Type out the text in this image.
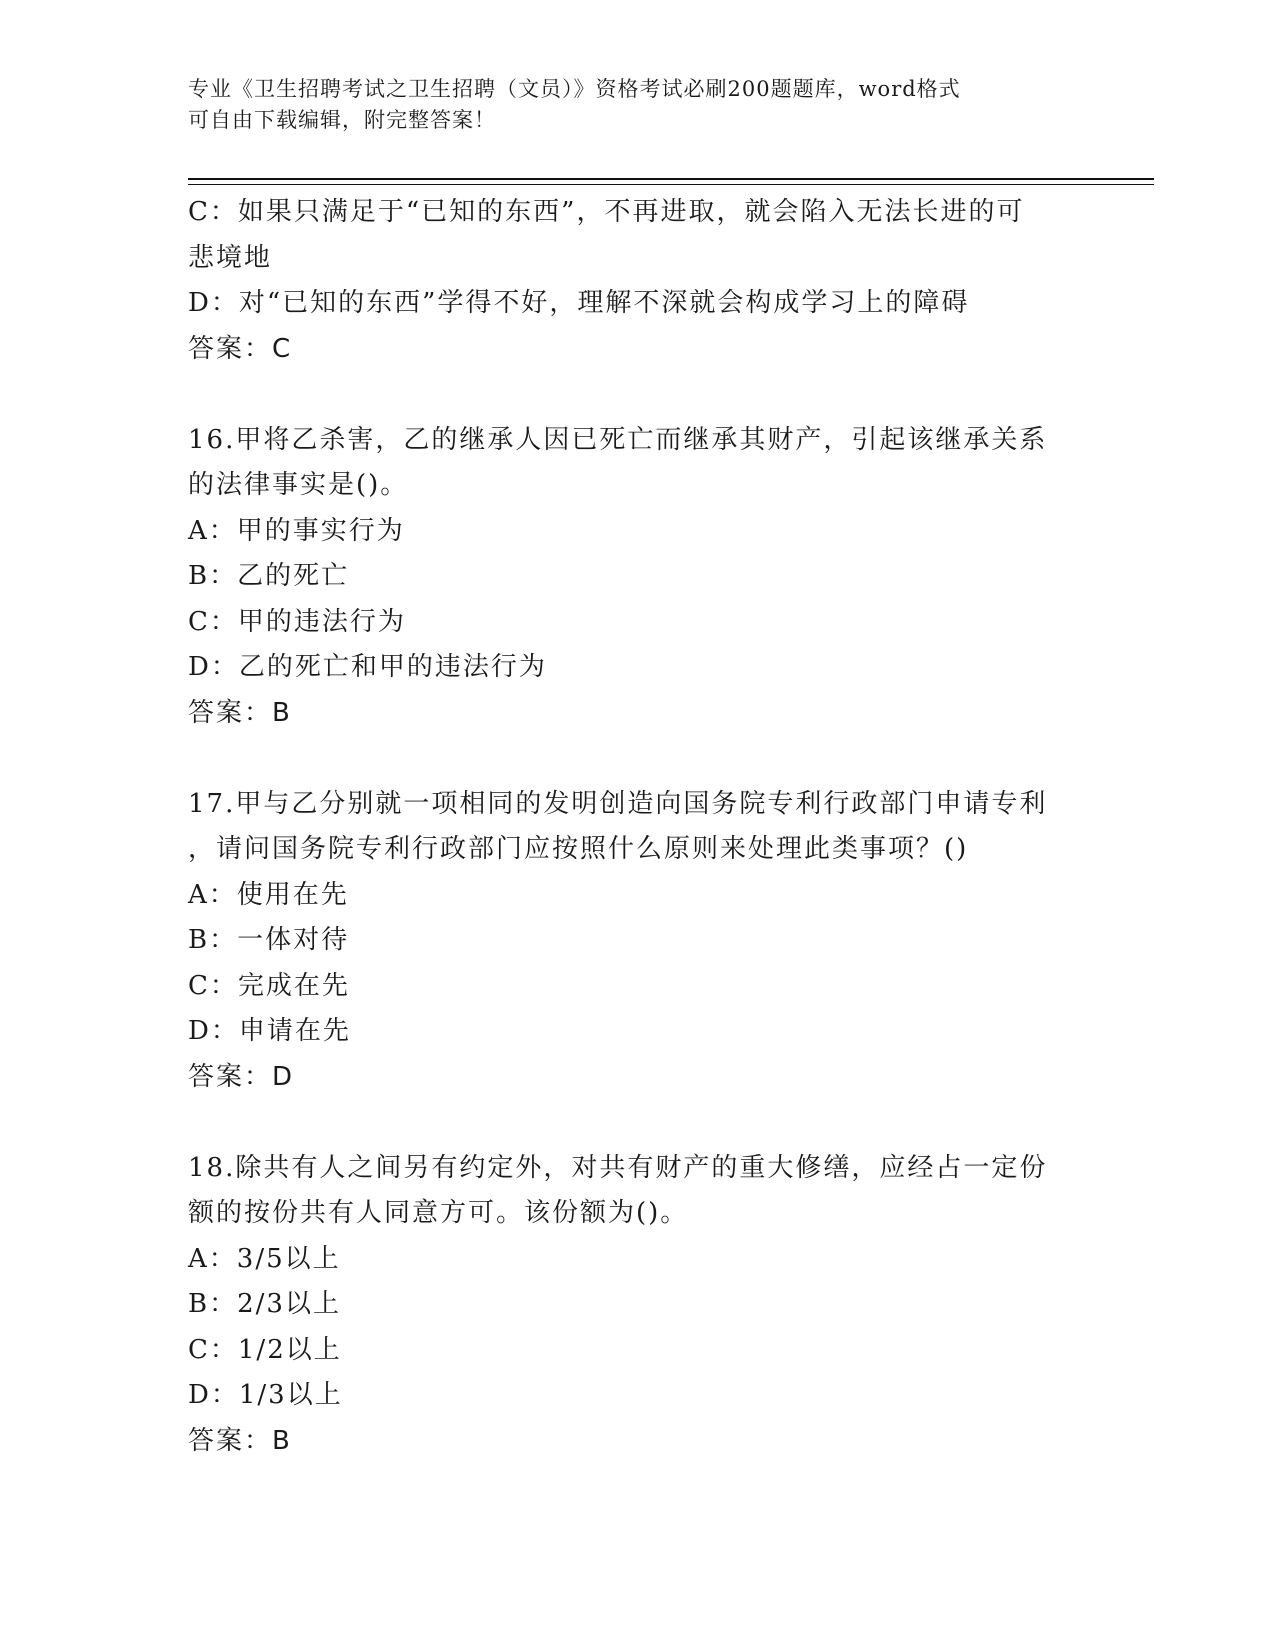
专业《卫生招聘考试之卫生招聘（文员）》资格考试必刷200题题库，word格式
可自由下载编辑，附完整答案！
C：如果只满足于“已知的东西”，不再进取，就会陷入无法长进的可
悲境地
D：对“已知的东西”学得不好，理解不深就会构成学习上的障碍
答案：C
16.甲将乙杀害，乙的继承人因已死亡而继承其财产，引起该继承关系
的法律事实是()。
A：甲的事实行为
B：乙的死亡
C：甲的违法行为
D：乙的死亡和甲的违法行为
答案：B
17.甲与乙分别就一项相同的发明创造向国务院专利行政部门申请专利
，请问国务院专利行政部门应按照什么原则来处理此类事项？()
A：使用在先
B：一体对待
C：完成在先
D：申请在先
答案：D
18.除共有人之间另有约定外，对共有财产的重大修缮，应经占一定份
额的按份共有人同意方可。该份额为()。
A：3/5以上
B：2/3以上
C：1/2以上
D：1/3以上
答案：B
